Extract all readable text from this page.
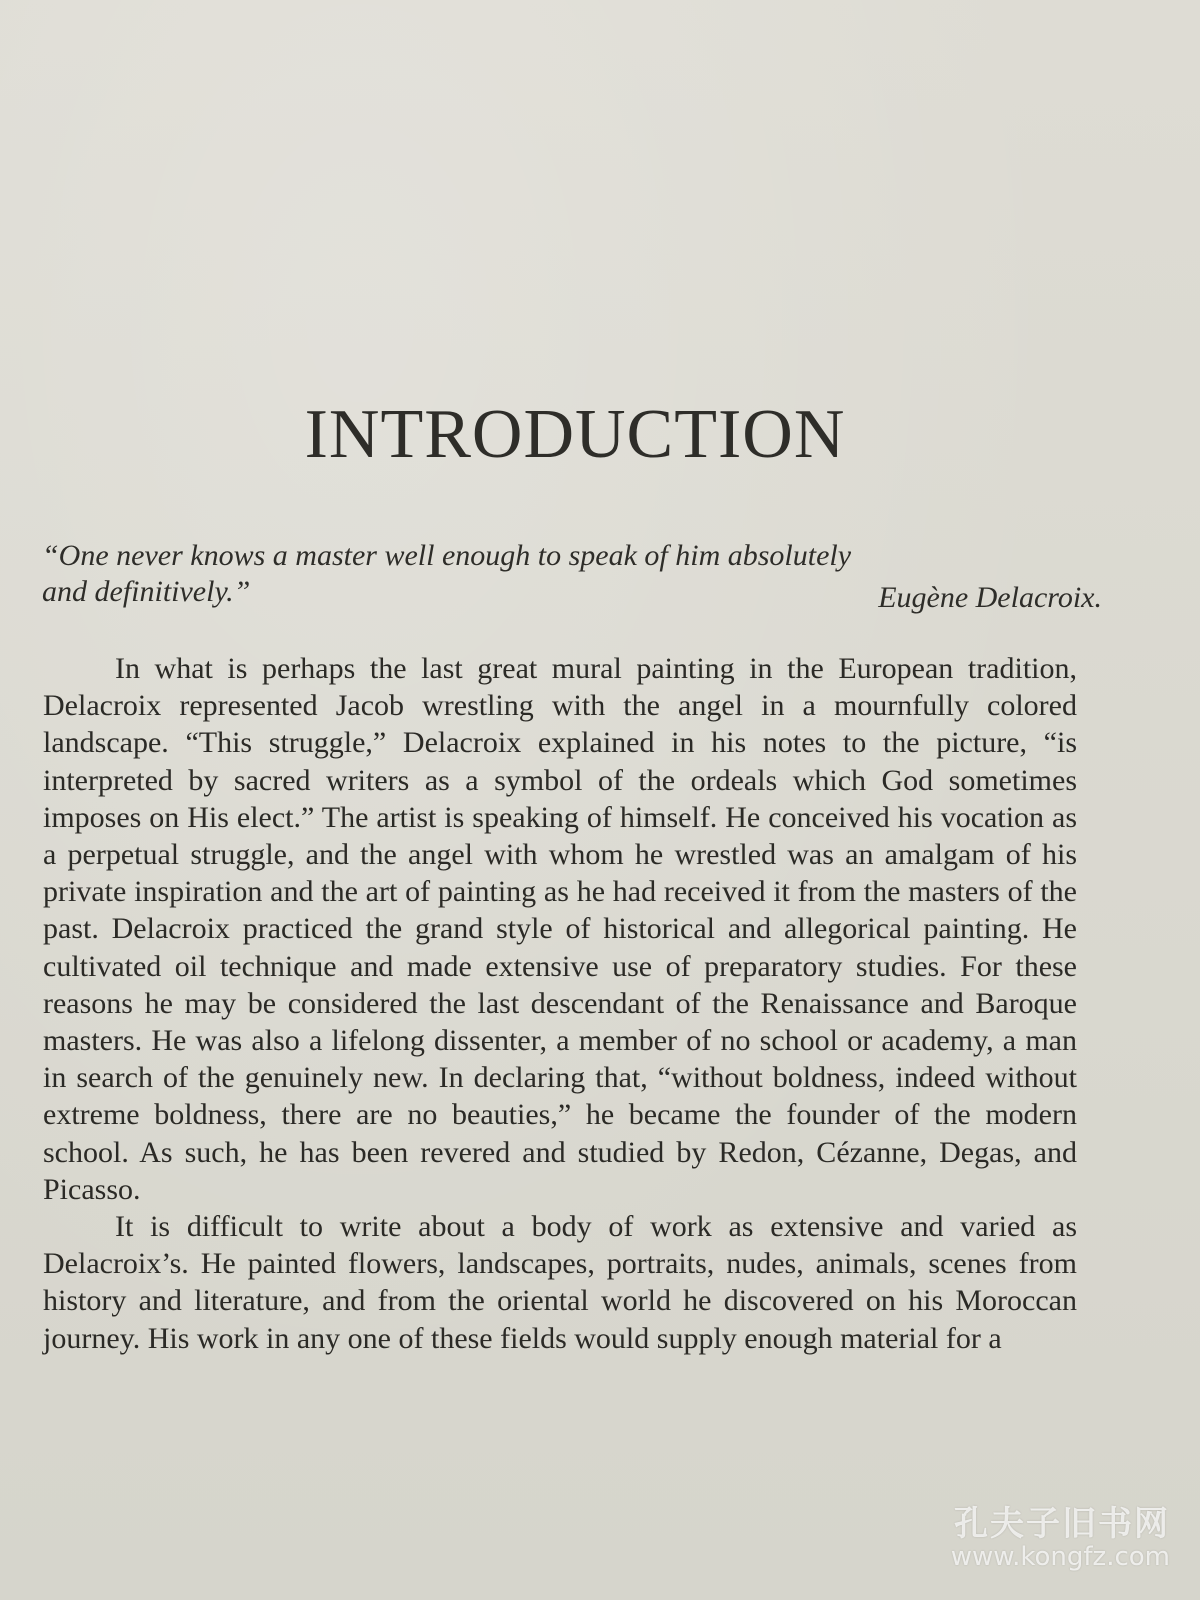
INTRODUCTION
“One never knows a master well enough to speak of him absolutely
and definitively.”	Eugène Delacroix.

In what is perhaps the last great mural painting in the European tradition, Delacroix represented Jacob wrestling with the angel in a mournfully colored landscape. “This struggle,” Delacroix explained in his notes to the picture, “is interpreted by sacred writers as a symbol of the ordeals which God sometimes imposes on His elect.” The artist is speaking of himself. He conceived his vocation as a perpetual struggle, and the angel with whom he wrestled was an amalgam of his private inspiration and the art of painting as he had received it from the masters of the past. Delacroix practiced the grand style of historical and allegorical painting. He cultivated oil technique and made extensive use of preparatory studies. For these reasons he may be considered the last descendant of the Renaissance and Baroque masters. He was also a lifelong dissenter, a member of no school or academy, a man in search of the genuinely new. In declaring that, “without boldness, indeed without extreme boldness, there are no beauties,” he became the founder of the modern school. As such, he has been revered and studied by Redon, Cézanne, Degas, and Picasso.

It is difficult to write about a body of work as extensive and varied as Delacroix’s. He painted flowers, landscapes, portraits, nudes, animals, scenes from history and literature, and from the oriental world he discovered on his Moroccan journey. His work in any one of these fields would supply enough material for a

孔夫子旧书网
www.kongfz.com
